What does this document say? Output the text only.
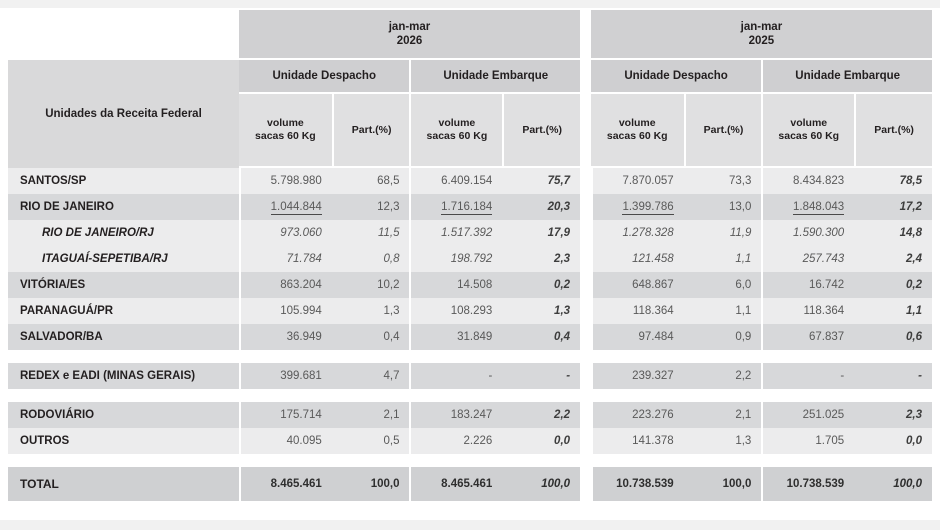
jan-mar
2026

jan-mar
2025

Unidades da Receita Federal	Unidade Despacho		Unidade Embarque			Unidade Despacho		Unidade Embarque	

volume
sacas 60 Kg
	Part.(%)	
volume
sacas 60 Kg
	Part.(%)		
volume
sacas 60 Kg
	Part.(%)	
volume
sacas 60 Kg
	Part.(%)

SANTOS/SP	5.798.980	68,5	6.409.154	75,7		7.870.057	73,3	8.434.823	78,5
RIO DE JANEIRO	1.044.844	12,3	1.716.184	20,3		1.399.786	13,0	1.848.043	17,2
RIO DE JANEIRO/RJ	973.060	11,5	1.517.392	17,9		1.278.328	11,9	1.590.300	14,8
ITAGUAÍ-SEPETIBA/RJ	71.784	0,8	198.792	2,3		121.458	1,1	257.743	2,4
VITÓRIA/ES	863.204	10,2	14.508	0,2		648.867	6,0	16.742	0,2
PARANAGUÁ/PR	105.994	1,3	108.293	1,3		118.364	1,1	118.364	1,1
SALVADOR/BA	36.949	0,4	31.849	0,4		97.484	0,9	67.837	0,6

REDEX e EADI (MINAS GERAIS)	399.681	4,7	-	-		239.327	2,2	-	-

RODOVIÁRIO	175.714	2,1	183.247	2,2		223.276	2,1	251.025	2,3
OUTROS	40.095	0,5	2.226	0,0		141.378	1,3	1.705	0,0

TOTAL	8.465.461	100,0	8.465.461	100,0		10.738.539	100,0	10.738.539	100,0
